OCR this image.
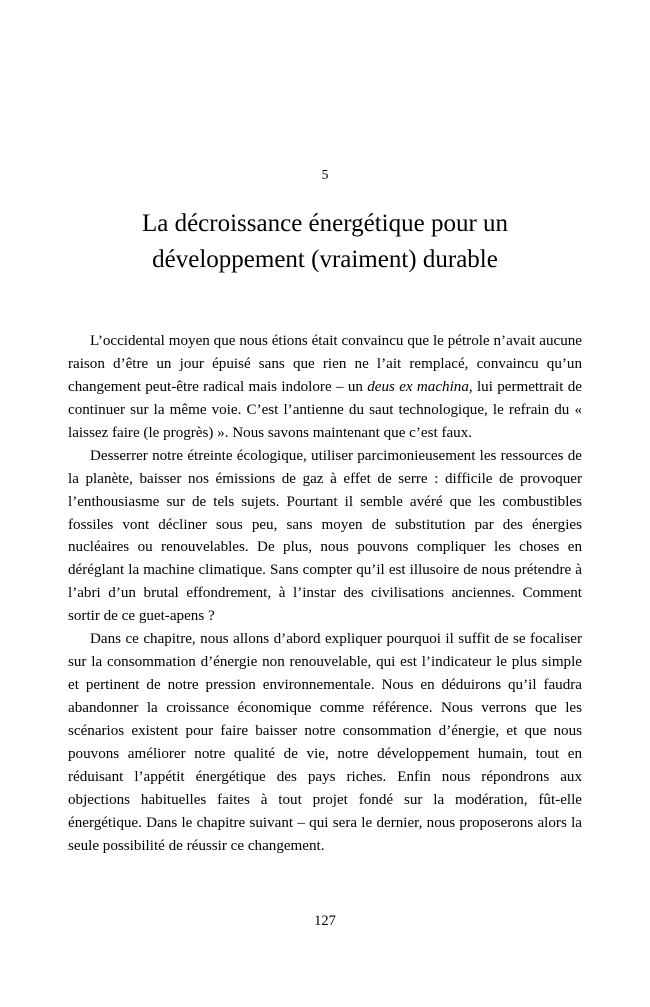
5
La décroissance énergétique pour un
développement (vraiment) durable

L’occidental moyen que nous étions était convaincu que le pétrole n’avait aucune raison d’être un jour épuisé sans que rien ne l’ait remplacé, convaincu qu’un changement peut-être radical mais indolore – un deus ex machina, lui permettrait de continuer sur la même voie. C’est l’antienne du saut technologique, le refrain du « laissez faire (le progrès) ». Nous savons maintenant que c’est faux.

Desserrer notre étreinte écologique, utiliser parcimonieusement les ressources de la planète, baisser nos émissions de gaz à effet de serre : difficile de provoquer l’enthousiasme sur de tels sujets. Pourtant il semble avéré que les combustibles fossiles vont décliner sous peu, sans moyen de substitution par des énergies nucléaires ou renouvelables. De plus, nous pouvons compliquer les choses en déréglant la machine climatique. Sans compter qu’il est illusoire de nous prétendre à l’abri d’un brutal effondrement, à l’instar des civilisations anciennes. Comment sortir de ce guet-apens ?

Dans ce chapitre, nous allons d’abord expliquer pourquoi il suffit de se focaliser sur la consommation d’énergie non renouvelable, qui est l’indicateur le plus simple et pertinent de notre pression environnementale. Nous en déduirons qu’il faudra abandonner la croissance économique comme référence. Nous verrons que les scénarios existent pour faire baisser notre consommation d’énergie, et que nous pouvons améliorer notre qualité de vie, notre développement humain, tout en réduisant l’appétit énergétique des pays riches. Enfin nous répondrons aux objections habituelles faites à tout projet fondé sur la modération, fût-elle énergétique. Dans le chapitre suivant – qui sera le dernier, nous proposerons alors la seule possibilité de réussir ce changement.

127
